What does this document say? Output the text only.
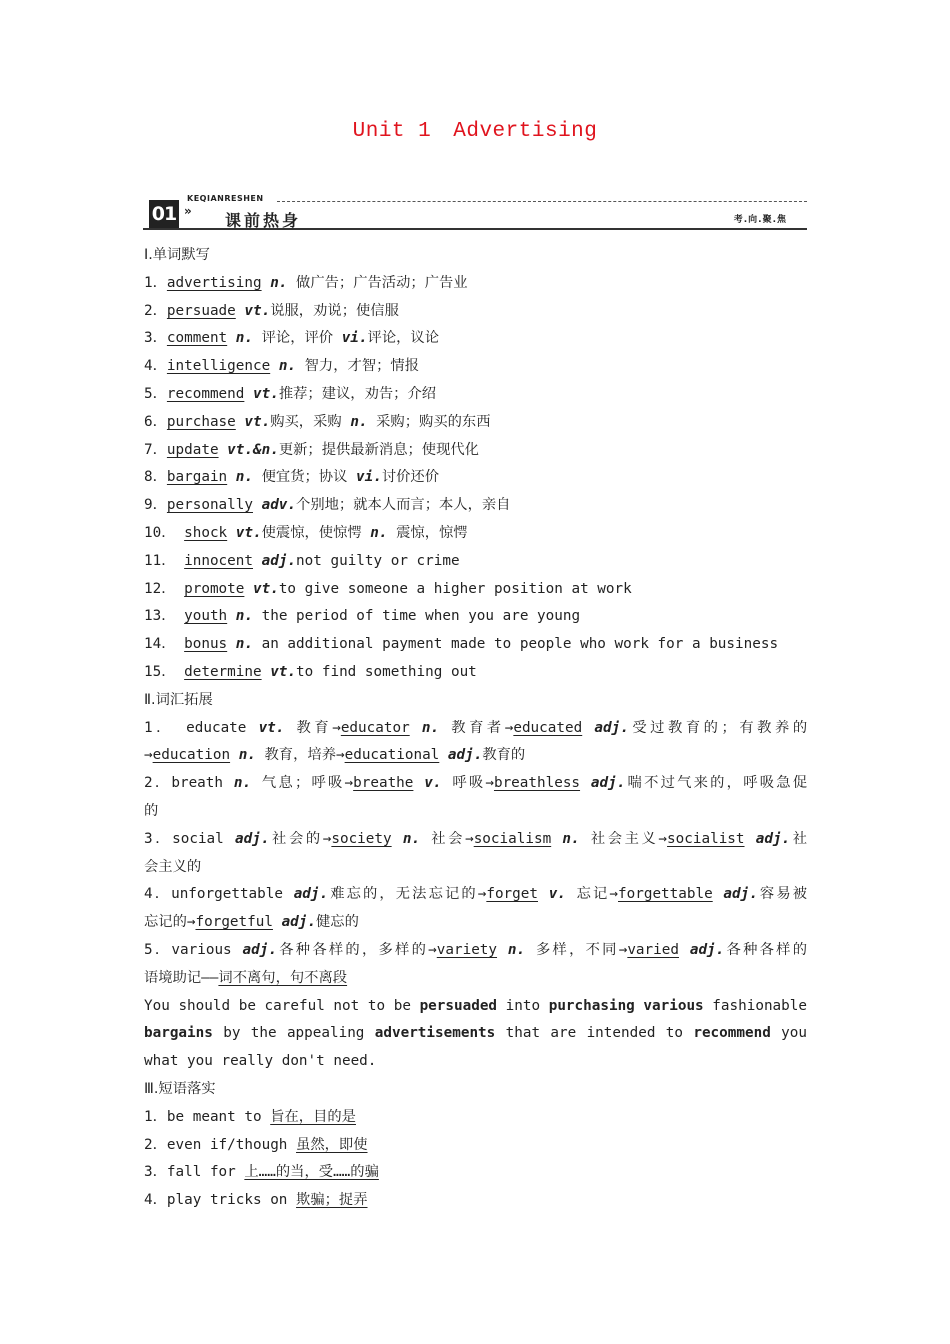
Unit 1 Advertising
KEQIANRESHEN
01 » 课前热身	考.向.聚.焦
Ⅰ.单词默写
1．advertising n. 做广告；广告活动；广告业
2．persuade vt.说服，劝说；使信服
3．comment n. 评论，评价 vi.评论，议论
4．intelligence n. 智力，才智；情报
5．recommend vt.推荐；建议，劝告；介绍
6．purchase vt.购买，采购 n. 采购；购买的东西
7．update vt.&n.更新；提供最新消息；使现代化
8．bargain n. 便宜货；协议 vi.讨价还价
9．personally adv.个别地；就本人而言；本人，亲自
10． shock vt.使震惊，使惊愕 n. 震惊，惊愕
11． innocent adj.not guilty or crime
12． promote vt.to give someone a higher position at work
13． youth n. the period of time when you are young
14． bonus n. an additional payment made to people who work for a business
15． determine vt.to find something out
Ⅱ.词汇拓展
1． educate vt. 教育→educator n. 教育者→educated adj.受过教育的；有教养的
→education n. 教育，培养→educational adj.教育的
2．breath n. 气息；呼吸→breathe v. 呼吸→breathless adj.喘不过气来的，呼吸急促
的
3．social adj.社会的→society n. 社会→socialism n. 社会主义→socialist adj.社
会主义的
4．unforgettable adj.难忘的，无法忘记的→forget v. 忘记→forgettable adj.容易被
忘记的→forgetful adj.健忘的
5．various adj.各种各样的，多样的→variety n. 多样，不同→varied adj.各种各样的
语境助记——词不离句，句不离段
You should be careful not to be persuaded into purchasing various fashionable bargains by the appealing advertisements that are intended to recommend you what you really don't need.
Ⅲ.短语落实
1．be meant to 旨在，目的是
2．even if/though 虽然，即使
3．fall for 上……的当，受……的骗
4．play tricks on 欺骗；捉弄
